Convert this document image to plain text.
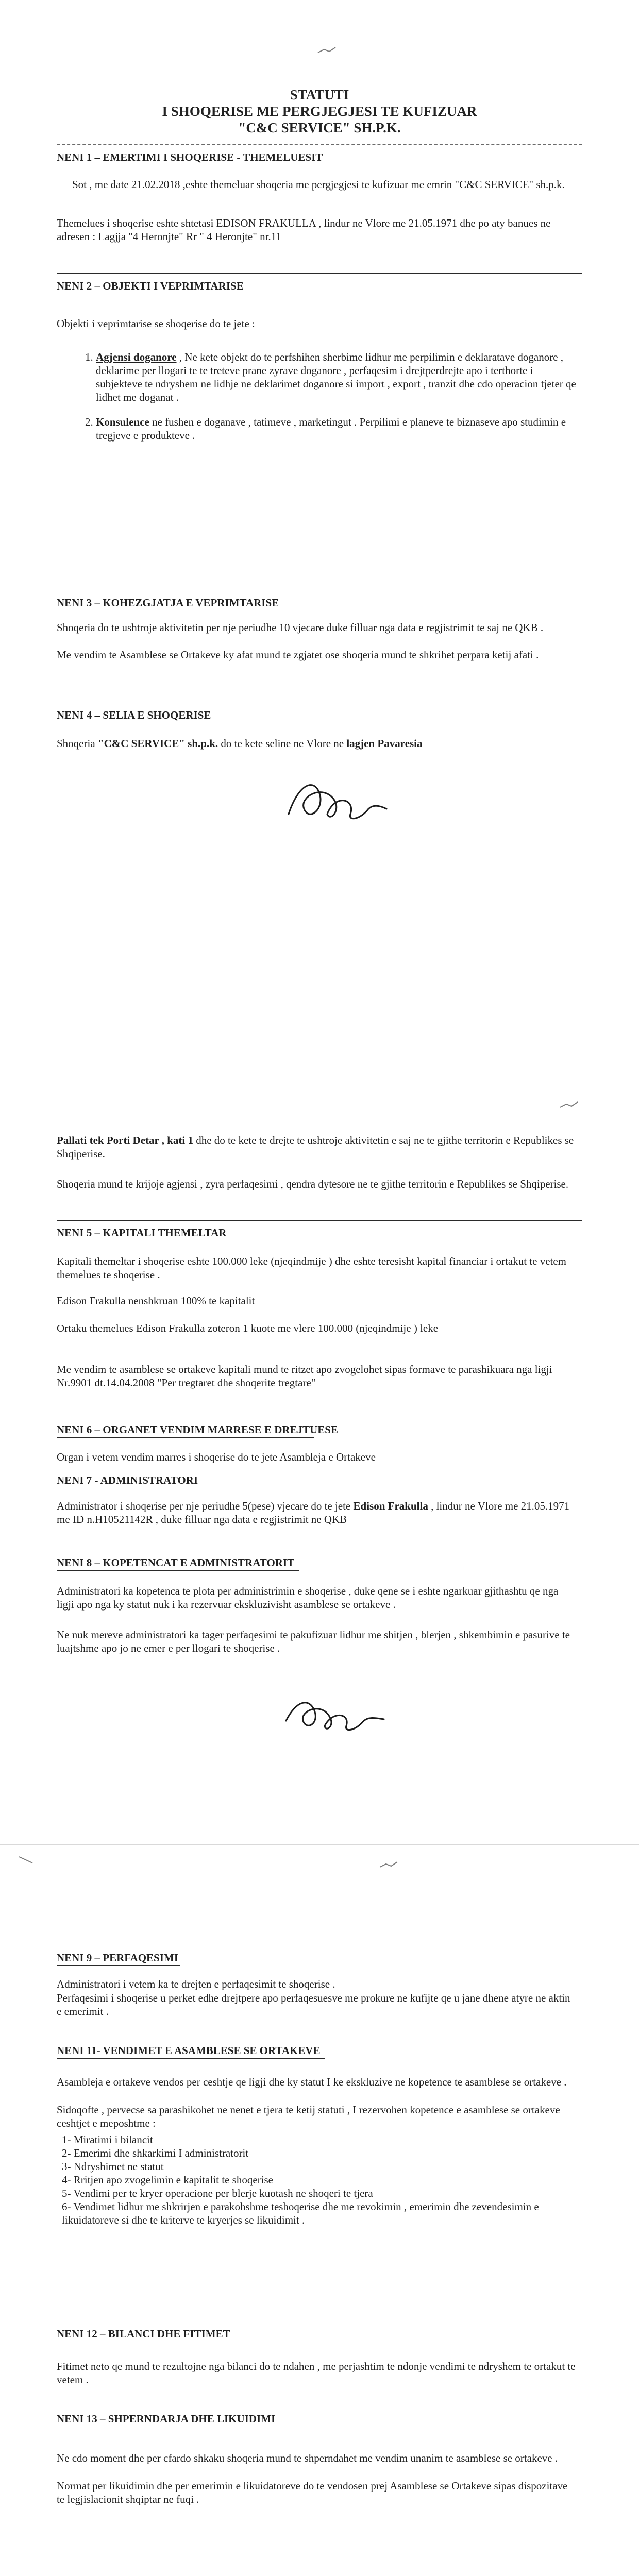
STATUTI
I SHOQERISE ME PERGJEGJESI TE KUFIZUAR
"C&C SERVICE" SH.P.K.
NENI 1 – EMERTIMI I SHOQERISE - THEMELUESIT
Sot , me date 21.02.2018 ,eshte themeluar shoqeria me pergjegjesi te kufizuar me emrin "C&C SERVICE" sh.p.k.
Themelues i shoqerise eshte shtetasi EDISON FRAKULLA , lindur ne Vlore me 21.05.1971 dhe po aty banues ne adresen : Lagjja "4 Heronjte" Rr " 4 Heronjte" nr.11
NENI 2 – OBJEKTI I VEPRIMTARISE
Objekti i veprimtarise se shoqerise do te jete :
1. Agjensi doganore , Ne kete objekt do te perfshihen sherbime lidhur me perpilimin e deklaratave doganore , deklarime per llogari te te treteve prane zyrave doganore , perfaqesim i drejtperdrejte apo i terthorte i subjekteve te ndryshem ne lidhje ne deklarimet doganore si import , export , tranzit dhe cdo operacion tjeter qe lidhet me doganat .
2. Konsulence ne fushen e doganave , tatimeve , marketingut . Perpilimi e planeve te biznaseve apo studimin e tregjeve e produkteve .
NENI 3 – KOHEZGJATJA E VEPRIMTARISE
Shoqeria do te ushtroje aktivitetin per nje periudhe 10 vjecare duke filluar nga data e regjistrimit te saj ne QKB .
Me vendim te Asamblese se Ortakeve ky afat mund te zgjatet ose shoqeria mund te shkrihet perpara ketij afati .
NENI 4 – SELIA E SHOQERISE
Shoqeria "C&C SERVICE" sh.p.k. do te kete seline ne Vlore ne lagjen Pavaresia
Pallati tek Porti Detar , kati 1 dhe do te kete te drejte te ushtroje aktivitetin e saj ne te gjithe territorin e Republikes se Shqiperise.
Shoqeria mund te krijoje agjensi , zyra perfaqesimi , qendra dytesore ne te gjithe territorin e Republikes se Shqiperise.
NENI 5 – KAPITALI THEMELTAR
Kapitali themeltar i shoqerise eshte 100.000 leke (njeqindmije ) dhe eshte teresisht kapital financiar i ortakut te vetem themelues te shoqerise .
Edison Frakulla nenshkruan 100% te kapitalit
Ortaku themelues Edison Frakulla zoteron 1 kuote me vlere 100.000 (njeqindmije ) leke
Me vendim te asamblese se ortakeve kapitali mund te ritzet apo zvogelohet sipas formave te parashikuara nga ligji Nr.9901 dt.14.04.2008 "Per tregtaret dhe shoqerite tregtare"
NENI 6 – ORGANET VENDIM MARRESE E DREJTUESE
Organ i vetem vendim marres i shoqerise do te jete Asambleja e Ortakeve
NENI 7 - ADMINISTRATORI
Administrator i shoqerise per nje periudhe 5(pese) vjecare do te jete Edison Frakulla , lindur ne Vlore me 21.05.1971 me ID n.H10521142R , duke filluar nga data e regjistrimit ne QKB
NENI 8 – KOPETENCAT E ADMINISTRATORIT
Administratori ka kopetenca te plota per administrimin e shoqerise , duke qene se i eshte ngarkuar gjithashtu qe nga ligji apo nga ky statut nuk i ka rezervuar ekskluzivisht asamblese se ortakeve .
Ne nuk mereve administratori ka tager perfaqesimi te pakufizuar lidhur me shitjen , blerjen , shkembimin e pasurive te luajtshme apo jo ne emer e per llogari te shoqerise .
NENI 9 – PERFAQESIMI
Administratori i vetem ka te drejten e perfaqesimit te shoqerise .
Perfaqesimi i shoqerise u perket edhe drejtpere apo perfaqesuesve me prokure ne kufijte qe u jane dhene atyre ne aktin e emerimit .
NENI 11- VENDIMET E ASAMBLESE SE ORTAKEVE
Asambleja e ortakeve vendos per ceshtje qe ligji dhe ky statut I ke ekskluzive ne kopetence te asamblese se ortakeve .
Sidoqofte , pervecse sa parashikohet ne nenet e tjera te ketij statuti , I rezervohen kopetence e asamblese se ortakeve ceshtjet e meposhtme :
1- Miratimi i bilancit
2- Emerimi dhe shkarkimi I administratorit
3- Ndryshimet ne statut
4- Rritjen apo zvogelimin e kapitalit te shoqerise
5- Vendimi per te kryer operacione per blerje kuotash ne shoqeri te tjera
6- Vendimet lidhur me shkrirjen e parakohshme teshoqerise dhe me revokimin , emerimin dhe zevendesimin e likuidatoreve si dhe te kriterve te kryerjes se likuidimit .
NENI 12 – BILANCI DHE FITIMET
Fitimet neto qe mund te rezultojne nga bilanci do te ndahen , me perjashtim te ndonje vendimi te ndryshem te ortakut te vetem .
NENI 13 – SHPERNDARJA DHE LIKUIDIMI
Ne cdo moment dhe per cfardo shkaku shoqeria mund te shperndahet me vendim unanim te asamblese se ortakeve .
Normat per likuidimin dhe per emerimin e likuidatoreve do te vendosen prej Asamblese se Ortakeve sipas dispozitave te legjislacionit shqiptar ne fuqi .
